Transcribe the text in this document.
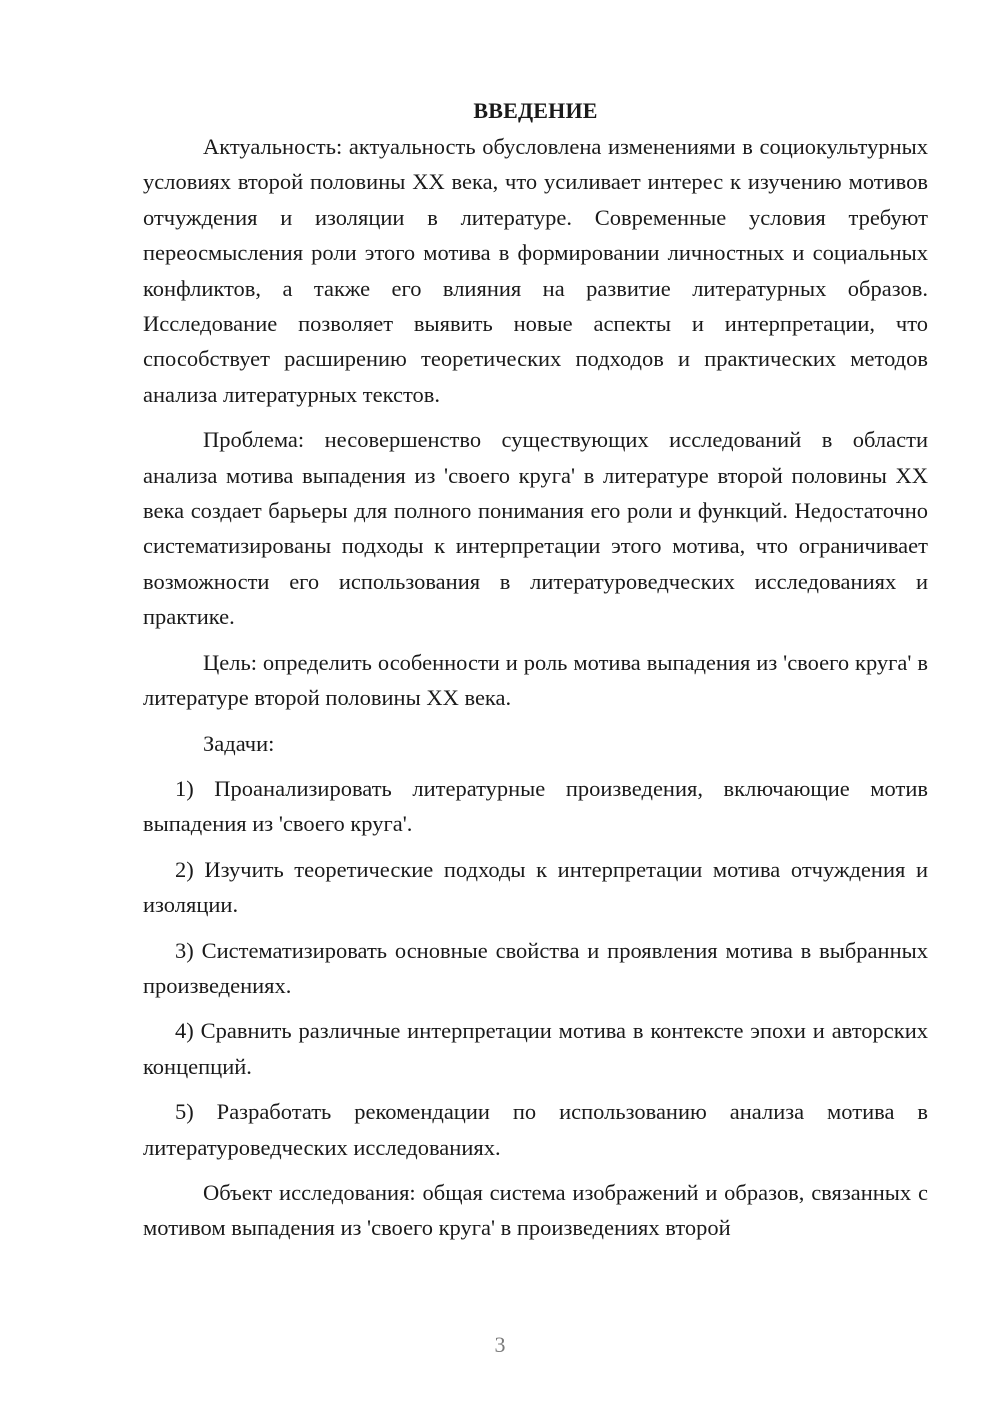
ВВЕДЕНИЕ

Актуальность: актуальность обусловлена изменениями в социокультурных условиях второй половины XX века, что усиливает интерес к изучению мотивов отчуждения и изоляции в литературе. Современные условия требуют переосмысления роли этого мотива в формировании личностных и социальных конфликтов, а также его влияния на развитие литературных образов. Исследование позволяет выявить новые аспекты и интерпретации, что способствует расширению теоретических подходов и практических методов анализа литературных текстов.

Проблема: несовершенство существующих исследований в области анализа мотива выпадения из 'своего круга' в литературе второй половины XX века создает барьеры для полного понимания его роли и функций. Недостаточно систематизированы подходы к интерпретации этого мотива, что ограничивает возможности его использования в литературоведческих исследованиях и практике.

Цель: определить особенности и роль мотива выпадения из 'своего круга' в литературе второй половины XX века.

Задачи:

1) Проанализировать литературные произведения, включающие мотив выпадения из 'своего круга'.

2) Изучить теоретические подходы к интерпретации мотива отчуждения и изоляции.

3) Систематизировать основные свойства и проявления мотива в выбранных произведениях.

4) Сравнить различные интерпретации мотива в контексте эпохи и авторских концепций.

5) Разработать рекомендации по использованию анализа мотива в литературоведческих исследованиях.

Объект исследования: общая система изображений и образов, связанных с мотивом выпадения из 'своего круга' в произведениях второй

3
